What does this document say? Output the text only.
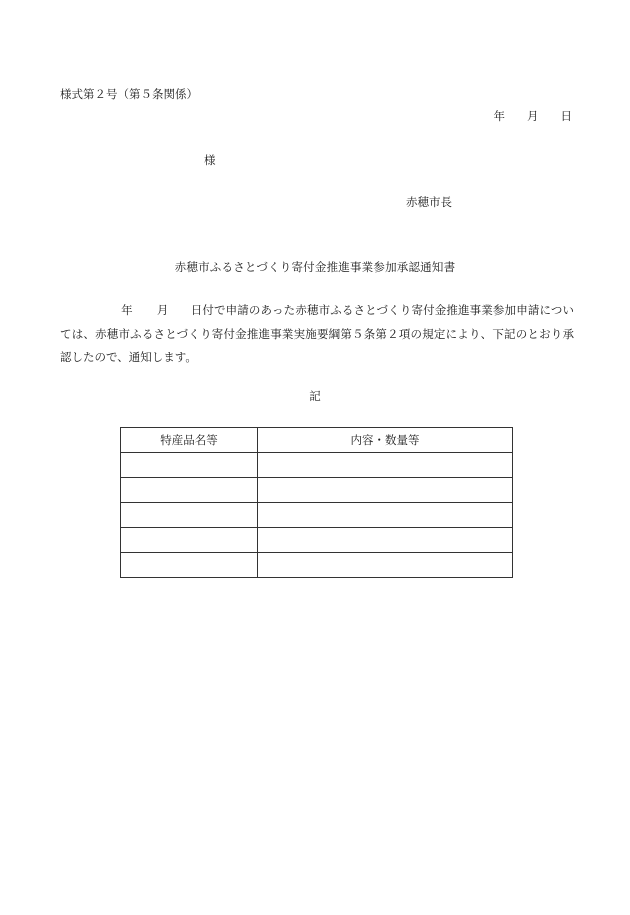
様式第２号（第５条関係）
年 月 日
様
赤穂市長
赤穂市ふるさとづくり寄付金推進事業参加承認通知書
年 月 日付で申請のあった赤穂市ふるさとづくり寄付金推進事業参加申請については、赤穂市ふるさとづくり寄付金推進事業実施要綱第５条第２項の規定により、下記のとおり承認したので、通知します。
記
特産品名等	内容・数量等
